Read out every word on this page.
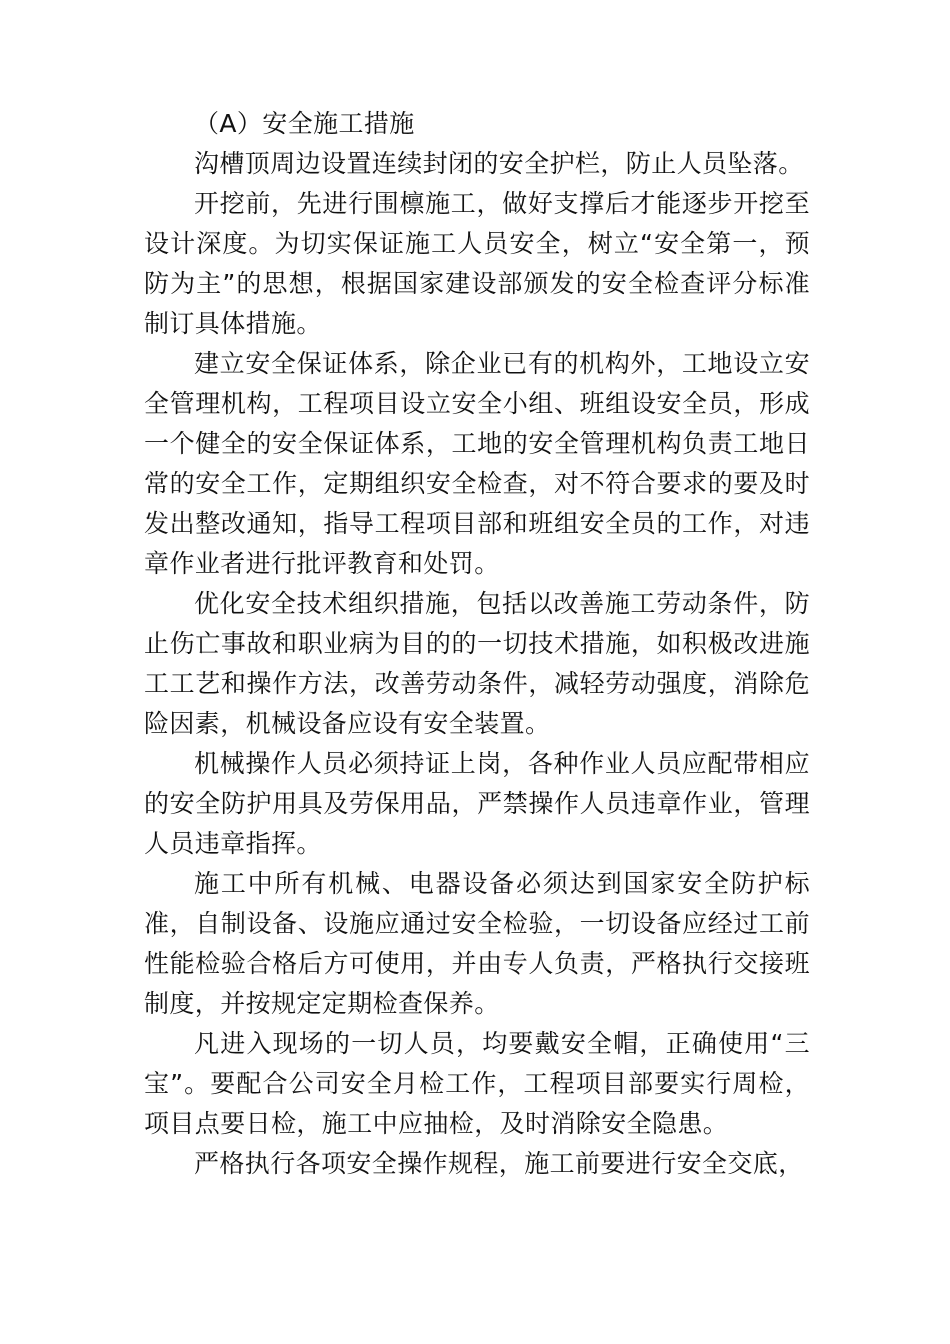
（A）安全施工措施

沟槽顶周边设置连续封闭的安全护栏，防止人员坠落。

开挖前，先进行围檩施工，做好支撑后才能逐步开挖至设计深度。为切实保证施工人员安全，树立“安全第一，预防为主”的思想，根据国家建设部颁发的安全检查评分标准制订具体措施。

建立安全保证体系，除企业已有的机构外，工地设立安全管理机构，工程项目设立安全小组、班组设安全员，形成一个健全的安全保证体系，工地的安全管理机构负责工地日常的安全工作，定期组织安全检查，对不符合要求的要及时发出整改通知，指导工程项目部和班组安全员的工作，对违章作业者进行批评教育和处罚。

优化安全技术组织措施，包括以改善施工劳动条件，防止伤亡事故和职业病为目的的一切技术措施，如积极改进施工工艺和操作方法，改善劳动条件，减轻劳动强度，消除危险因素，机械设备应设有安全装置。

机械操作人员必须持证上岗，各种作业人员应配带相应的安全防护用具及劳保用品，严禁操作人员违章作业，管理人员违章指挥。

施工中所有机械、电器设备必须达到国家安全防护标准，自制设备、设施应通过安全检验，一切设备应经过工前性能检验合格后方可使用，并由专人负责，严格执行交接班制度，并按规定定期检查保养。

凡进入现场的一切人员，均要戴安全帽，正确使用“三宝”。要配合公司安全月检工作，工程项目部要实行周检，项目点要日检，施工中应抽检，及时消除安全隐患。

严格执行各项安全操作规程，施工前要进行安全交底，
